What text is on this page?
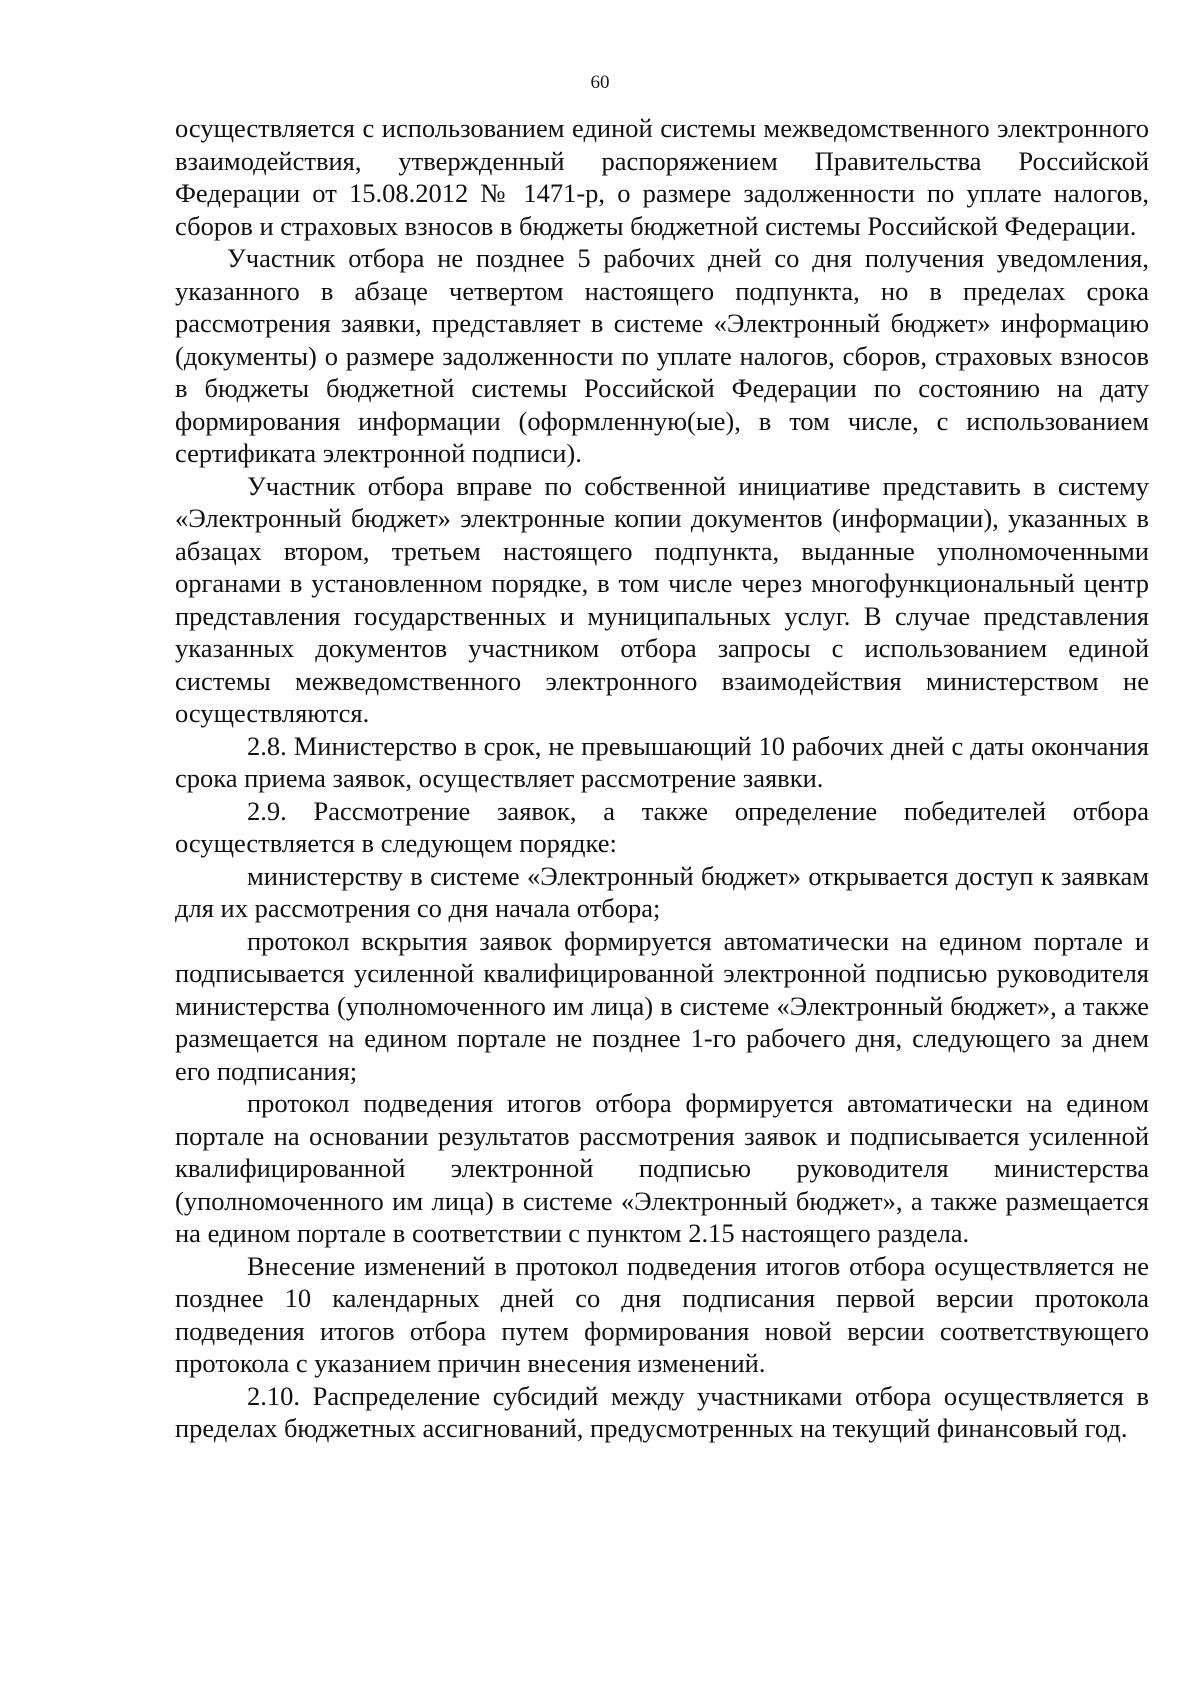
60

осуществляется с использованием единой системы межведомственного электронного взаимодействия, утвержденный распоряжением Правительства Российской Федерации от 15.08.2012 № 1471-р, о размере задолженности по уплате налогов, сборов и страховых взносов в бюджеты бюджетной системы Российской Федерации.

Участник отбора не позднее 5 рабочих дней со дня получения уведомления, указанного в абзаце четвертом настоящего подпункта, но в пределах срока рассмотрения заявки, представляет в системе «Электронный бюджет» информацию (документы) о размере задолженности по уплате налогов, сборов, страховых взносов в бюджеты бюджетной системы Российской Федерации по состоянию на дату формирования информации (оформленную(ые), в том числе, с использованием сертификата электронной подписи).

Участник отбора вправе по собственной инициативе представить в систему «Электронный бюджет» электронные копии документов (информации), указанных в абзацах втором, третьем настоящего подпункта, выданные уполномоченными органами в установленном порядке, в том числе через многофункциональный центр представления государственных и муниципальных услуг. В случае представления указанных документов участником отбора запросы с использованием единой системы межведомственного электронного взаимодействия министерством не осуществляются.

2.8. Министерство в срок, не превышающий 10 рабочих дней с даты окончания срока приема заявок, осуществляет рассмотрение заявки.

2.9. Рассмотрение заявок, а также определение победителей отбора осуществляется в следующем порядке:

министерству в системе «Электронный бюджет» открывается доступ к заявкам для их рассмотрения со дня начала отбора;

протокол вскрытия заявок формируется автоматически на едином портале и подписывается усиленной квалифицированной электронной подписью руководителя министерства (уполномоченного им лица) в системе «Электронный бюджет», а также размещается на едином портале не позднее 1-го рабочего дня, следующего за днем его подписания;

протокол подведения итогов отбора формируется автоматически на едином портале на основании результатов рассмотрения заявок и подписывается усиленной квалифицированной электронной подписью руководителя министерства (уполномоченного им лица) в системе «Электронный бюджет», а также размещается на едином портале в соответствии с пунктом 2.15 настоящего раздела.

Внесение изменений в протокол подведения итогов отбора осуществляется не позднее 10 календарных дней со дня подписания первой версии протокола подведения итогов отбора путем формирования новой версии соответствующего протокола с указанием причин внесения изменений.

2.10. Распределение субсидий между участниками отбора осуществляется в пределах бюджетных ассигнований, предусмотренных на текущий финансовый год.
